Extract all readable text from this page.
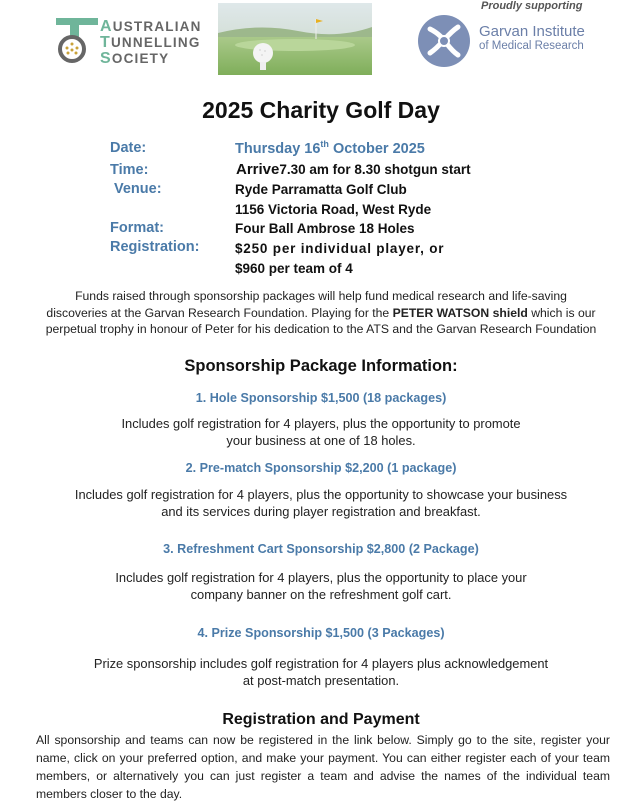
AUSTRALIAN
TUNNELLING
SOCIETY
Proudly supporting
Garvan Institute
of Medical Research
2025 Charity Golf Day
Date:	Thursday 16th October 2025
Time:	Arrive7.30 am for 8.30 shotgun start
Venue:	Ryde Parramatta Golf Club
1156 Victoria Road, West Ryde
Format:	Four Ball Ambrose 18 Holes
Registration:	$250 per individual player, or
$960 per team of 4
Funds raised through sponsorship packages will help fund medical research and life-saving
discoveries at the Garvan Research Foundation. Playing for the PETER WATSON shield which is our
perpetual trophy in honour of Peter for his dedication to the ATS and the Garvan Research Foundation
Sponsorship Package Information:
1. Hole Sponsorship $1,500 (18 packages)
Includes golf registration for 4 players, plus the opportunity to promote
your business at one of 18 holes.
2. Pre-match Sponsorship $2,200 (1 package)
Includes golf registration for 4 players, plus the opportunity to showcase your business
and its services during player registration and breakfast.
3. Refreshment Cart Sponsorship $2,800 (2 Package)
Includes golf registration for 4 players, plus the opportunity to place your
company banner on the refreshment golf cart.
4. Prize Sponsorship $1,500 (3 Packages)
Prize sponsorship includes golf registration for 4 players plus acknowledgement
at post-match presentation.
Registration and Payment
All sponsorship and teams can now be registered in the link below. Simply go to the site, register your name, click on your preferred option, and make your payment. You can either register each of your team members, or alternatively you can just register a team and advise the names of the individual team members closer to the day.
